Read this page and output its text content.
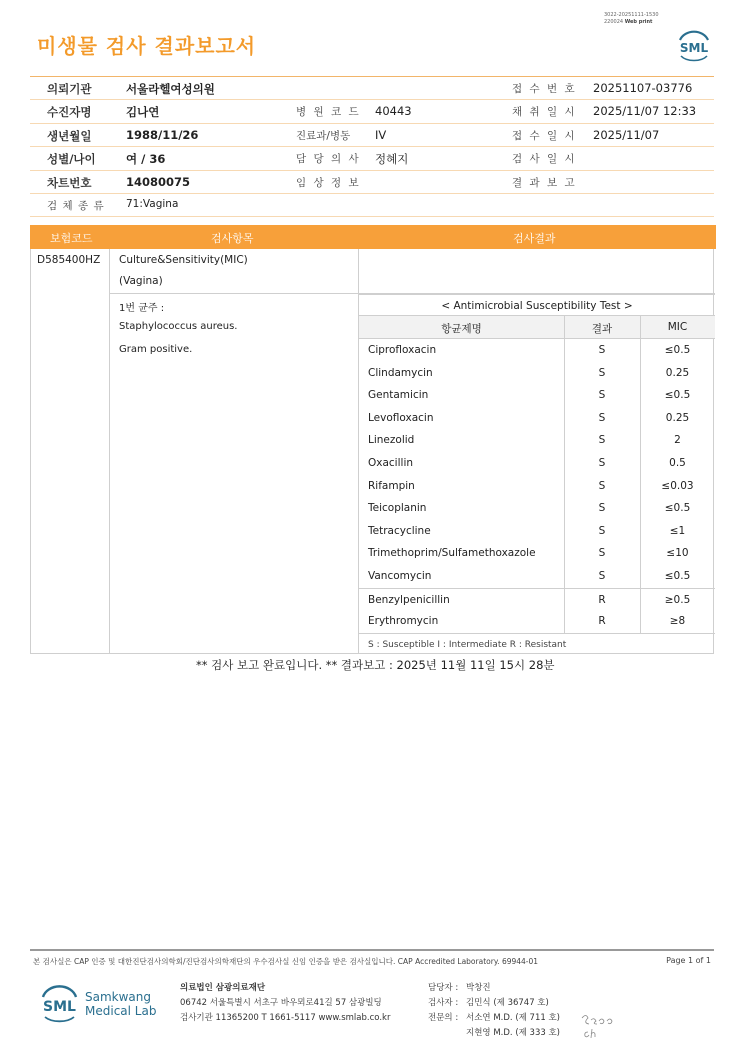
3022-20251111-1530
220024 Web print
미생물 검사 결과보고서	SML
의뢰기관	서울라헬여성의원	접 수 번 호 20251107-03776
수진자명	김나연	병 원 코 드 40443	채 취 일 시 2025/11/07 12:33
생년월일	1988/11/26	진료과/병동 IV	접 수 일 시 2025/11/07
성별/나이	여 / 36	담 당 의 사 정혜지	검 사 일 시
차트번호	14080075	임 상 정 보	결 과 보 고
검 체 종 류 71:Vagina
보험코드	검사항목	검사결과
D585400HZ Culture&Sensitivity(MIC)
(Vagina)
1번 균주 :
Staphylococcus aureus.
Gram positive.
< Antimicrobial Susceptibility Test >
항균제명	결과	MIC
Ciprofloxacin	S	≤0.5
Clindamycin	S	0.25
Gentamicin	S	≤0.5
Levofloxacin	S	0.25
Linezolid	S	2
Oxacillin	S	0.5
Rifampin	S	≤0.03
Teicoplanin	S	≤0.5
Tetracycline	S	≤1
Trimethoprim/Sulfamethoxazole	S	≤10
Vancomycin	S	≤0.5
Benzylpenicillin	R	≥0.5
Erythromycin	R	≥8
S : Susceptible I : Intermediate R : Resistant
** 검사 보고 완료입니다. ** 결과보고 : 2025년 11월 11일 15시 28분
본 검사실은 CAP 인증 및 대한진단검사의학회/진단검사의학재단의 우수검사실 신임 인증을 받은 검사실입니다. CAP Accredited Laboratory. 69944-01	Page 1 of 1
SML
Samkwang
Medical Lab
의료법인 삼광의료재단
06742 서울특별시 서초구 바우뫼로41길 57 삼광빌딩
검사기관 11365200 T 1661-5117 www.smlab.co.kr
담당자 : 박창진
검사자 : 김민식 (제 36747 호)
전문의 : 서소연 M.D. (제 711 호)
지현영 M.D. (제 333 호)
